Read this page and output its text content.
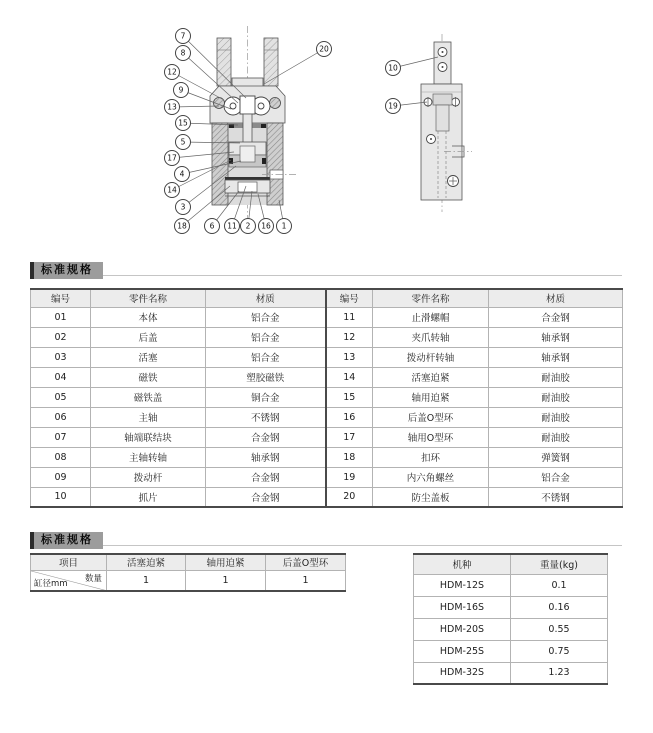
7
8
12
9
13
15
5
17
4
14
3
18	6 11 2 16 1
20
10
19
标准规格
编号	零件名称	材质	编号	零件名称	材质
01	本体	铝合金	11	止滑螺帽	合金钢
02	后盖	铝合金	12	夹爪转轴	轴承钢
03	活塞	铝合金	13	拨动杆转轴	轴承钢
04	磁铁	塑胶磁铁	14	活塞迫紧	耐油胶
05	磁铁盖	铜合金	15	轴用迫紧	耐油胶
06	主轴	不锈钢	16	后盖O型环	耐油胶
07	轴端联结块	合金钢	17	轴用O型环	耐油胶
08	主轴转轴	轴承钢	18	扣环	弹簧钢
09	拨动杆	合金钢	19	内六角螺丝	铝合金
10	抓片	合金钢	20	防尘盖板	不锈钢
标准规格
项目	活塞迫紧	轴用迫紧	后盖O型环

数量
缸径mm	1	1	1
机种	重量(kg)
HDM-12S	0.1
HDM-16S	0.16
HDM-20S	0.55
HDM-25S	0.75
HDM-32S	1.23
